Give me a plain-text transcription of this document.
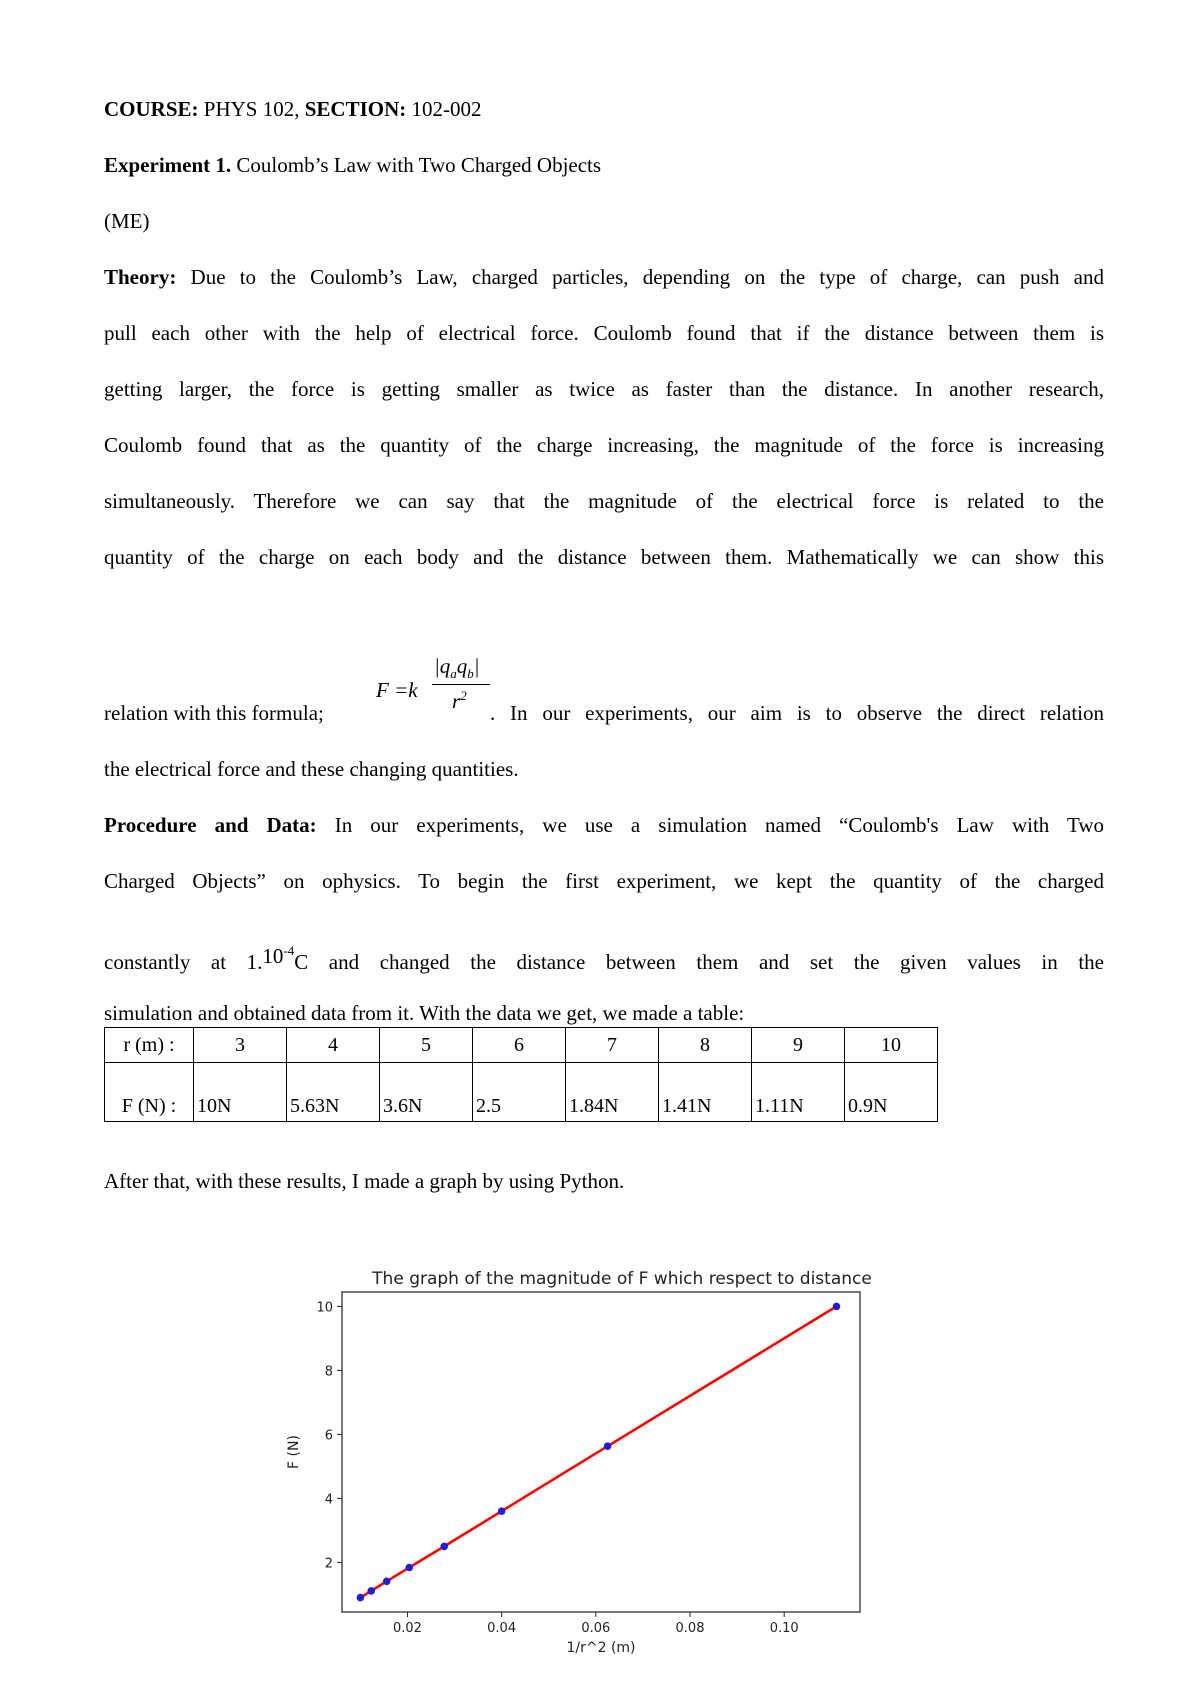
COURSE: PHYS 102, SECTION: 102-002
Experiment 1. Coulomb’s Law with Two Charged Objects
(ME)
Theory: Due to the Coulomb’s Law, charged particles, depending on the type of charge, can push and
pull each other with the help of electrical force. Coulomb found that if the distance between them is
getting larger, the force is getting smaller as twice as faster than the distance. In another research,
Coulomb found that as the quantity of the charge increasing, the magnitude of the force is increasing
simultaneously. Therefore we can say that the magnitude of the electrical force is related to the
quantity of the charge on each body and the distance between them. Mathematically we can show this
relation with this formula;
F =k
$|q_aq_b|$
$r^2$
. In our experiments, our aim is to observe the direct relation
the electrical force and these changing quantities.
Procedure and Data: In our experiments, we use a simulation named “Coulomb's Law with Two
Charged Objects” on ophysics. To begin the first experiment, we kept the quantity of the charged
constantly at $1.10^{-4}C$ and changed the distance between them and set the given values in the
simulation and obtained data from it. With the data we get, we made a table:
r (m) :	3	4	5	6	7	8	9	10
F (N) :	10N	5.63N	3.6N	2.5	1.84N	1.41N	1.11N	0.9N
After that, with these results, I made a graph by using Python.
The graph of the magnitude of F which respect to distance
0.02	0.04	0.06	0.08	0.10
2
4
6
8
10
1/r^2 (m)
F (N)
